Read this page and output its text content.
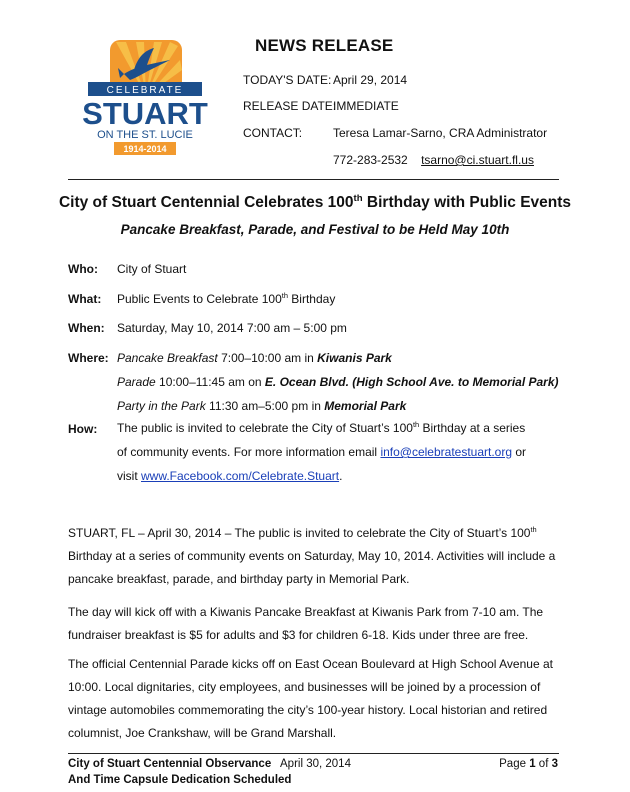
CELEBRATE
STUART
ON THE ST. LUCIE
1914-2014
NEWS RELEASE
TODAY'S DATE: April 29, 2014
RELEASE DATE:
IMMEDIATE
CONTACT:	Teresa Lamar-Sarno, CRA Administrator
772-283-2532 tsarno@ci.stuart.fl.us
City of Stuart Centennial Celebrates 100th Birthday with Public Events
Pancake Breakfast, Parade, and Festival to be Held May 10th
Who: City of Stuart
What: Public Events to Celebrate 100th Birthday
When: Saturday, May 10, 2014 7:00 am – 5:00 pm
Where: Pancake Breakfast 7:00–10:00 am in Kiwanis Park
Parade 10:00–11:45 am on E. Ocean Blvd. (High School Ave. to Memorial Park)
Party in the Park 11:30 am–5:00 pm in Memorial Park
How: The public is invited to celebrate the City of Stuart’s 100th Birthday at a series of community events. For more information email info@celebratestuart.org or visit www.Facebook.com/Celebrate.Stuart.
STUART, FL – April 30, 2014 – The public is invited to celebrate the City of Stuart’s 100th Birthday at a series of community events on Saturday, May 10, 2014. Activities will include a pancake breakfast, parade, and birthday party in Memorial Park.
The day will kick off with a Kiwanis Pancake Breakfast at Kiwanis Park from 7-10 am. The fundraiser breakfast is $5 for adults and $3 for children 6-18. Kids under three are free.
The official Centennial Parade kicks off on East Ocean Boulevard at High School Avenue at 10:00. Local dignitaries, city employees, and businesses will be joined by a procession of vintage automobiles commemorating the city’s 100-year history. Local historian and retired columnist, Joe Crankshaw, will be Grand Marshall.
City of Stuart Centennial Observance
And Time Capsule Dedication Scheduled
April 30, 2014	Page 1 of 3
